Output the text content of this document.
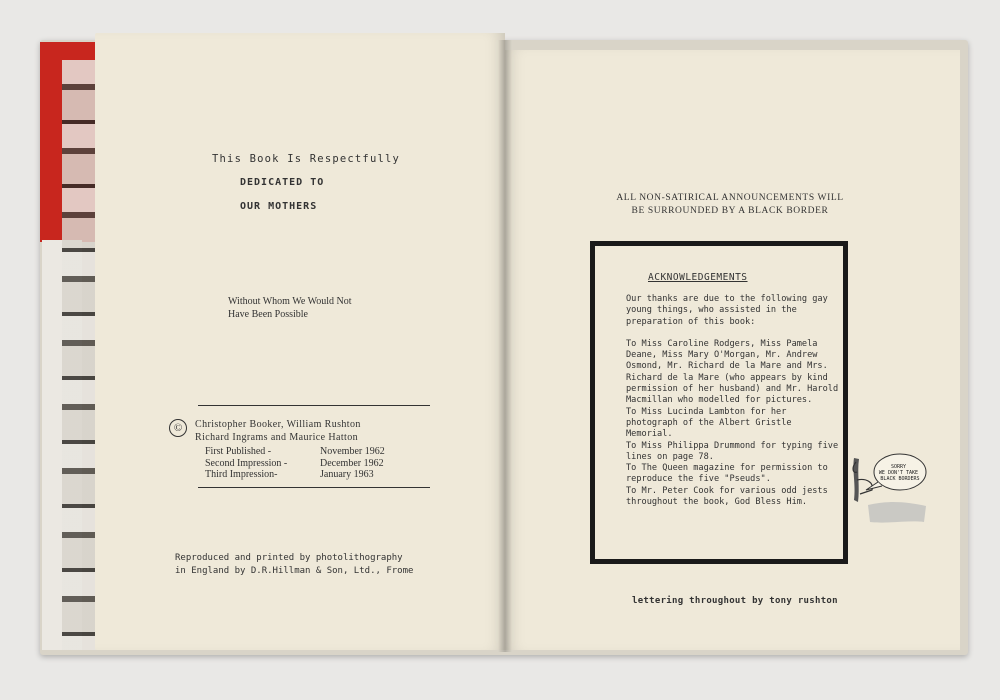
This Book Is Respectfully
DEDICATED TO
OUR MOTHERS
Without Whom We Would Not
Have Been Possible
©	Christopher Booker, William Rushton
Richard Ingrams and Maurice Hatton
First Published -	November 1962
Second Impression -	December 1962
Third Impression-	January 1963
Reproduced and printed by photolithography
in England by D.R.Hillman & Son, Ltd., Frome
ALL NON-SATIRICAL ANNOUNCEMENTS WILL
BE SURROUNDED BY A BLACK BORDER
ACKNOWLEDGEMENTS

Our thanks are due to the following gay young things, who assisted in the preparation of this book:

To Miss Caroline Rodgers, Miss Pamela Deane, Miss Mary O'Morgan, Mr. Andrew Osmond, Mr. Richard de la Mare and Mrs. Richard de la Mare (who appears by kind permission of her husband) and Mr. Harold Macmillan who modelled for pictures.

To Miss Lucinda Lambton for her photograph of the Albert Gristle Memorial.

To Miss Philippa Drummond for typing five lines on page 78.

To The Queen magazine for permission to reproduce the five "Pseuds".

To Mr. Peter Cook for various odd jests throughout the book, God Bless Him.

SORRY WE DON'T TAKE BLACK BORDERS
lettering throughout by tony rushton
